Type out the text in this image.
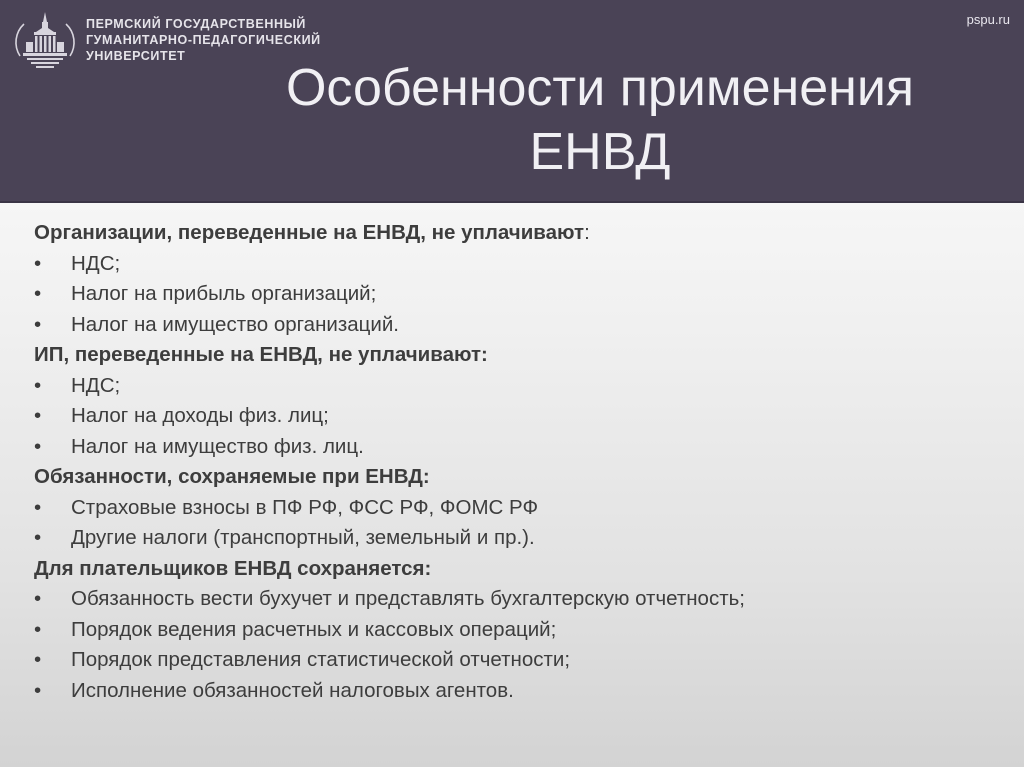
ПЕРМСКИЙ ГОСУДАРСТВЕННЫЙ
ГУМАНИТАРНО-ПЕДАГОГИЧЕСКИЙ
УНИВЕРСИТЕТ
pspu.ru
Особенности применения
ЕНВД
Организации, переведенные на ЕНВД, не уплачивают:
• НДС;
• Налог на прибыль организаций;
• Налог на имущество организаций.
ИП, переведенные на ЕНВД, не уплачивают:
• НДС;
• Налог на доходы физ. лиц;
• Налог на имущество физ. лиц.
Обязанности, сохраняемые при ЕНВД:
• Страховые взносы в ПФ РФ, ФСС РФ, ФОМС РФ
• Другие налоги (транспортный, земельный и пр.).
Для плательщиков ЕНВД сохраняется:
• Обязанность вести бухучет и представлять бухгалтерскую отчетность;
• Порядок ведения расчетных и кассовых операций;
• Порядок представления статистической отчетности;
• Исполнение обязанностей налоговых агентов.
